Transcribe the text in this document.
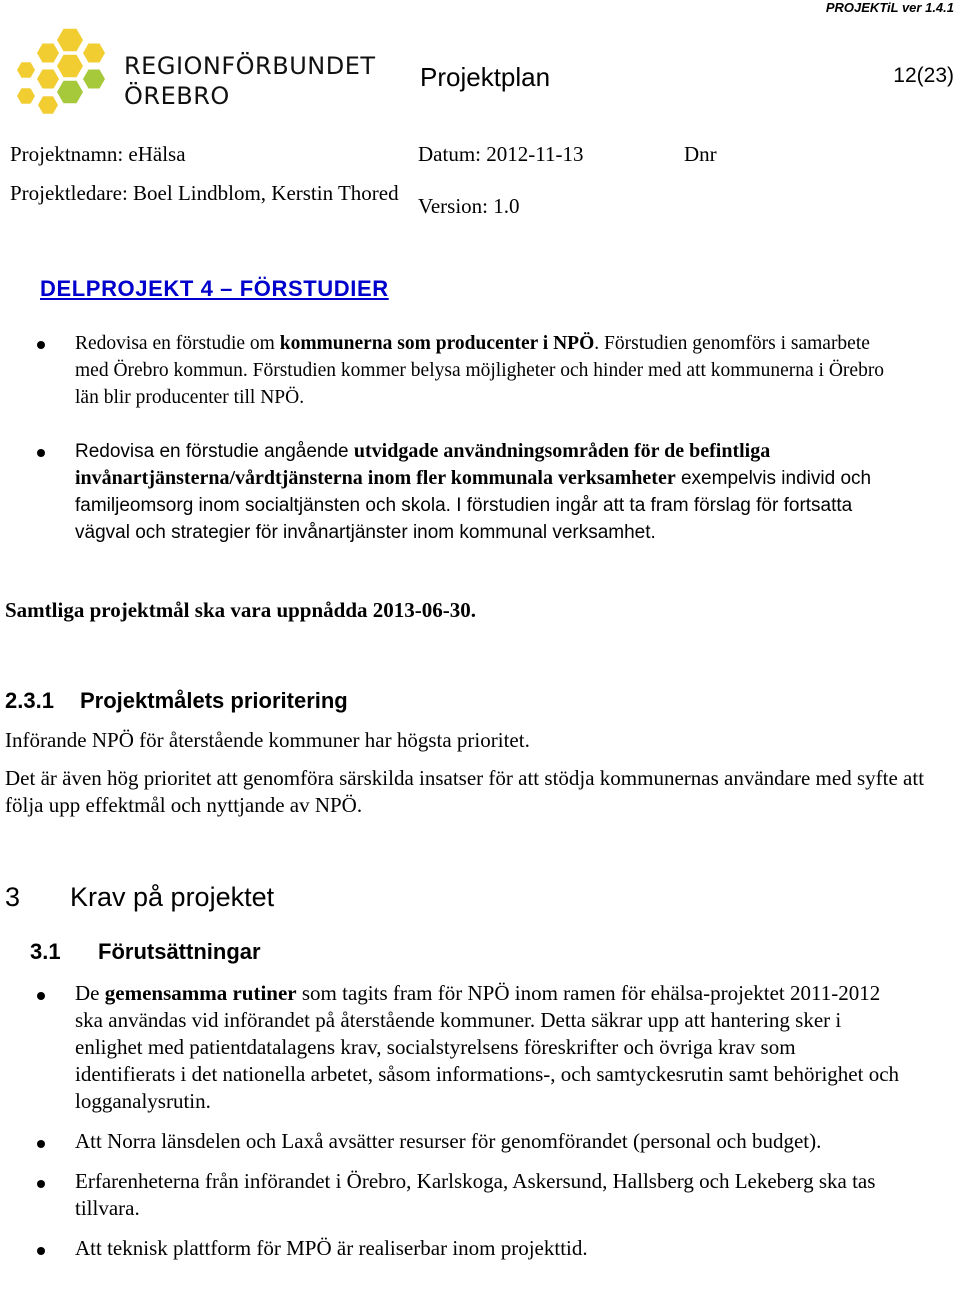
PROJEKTiL ver 1.4.1
REGIONFÖRBUNDET
ÖREBRO
Projektplan	12(23)
Projektnamn: eHälsa	Datum: 2012-11-13	Dnr
Projektledare: Boel Lindblom, Kerstin Thored
Version: 1.0
DELPROJEKT 4 – FÖRSTUDIER
Redovisa en förstudie om kommunerna som producenter i NPÖ. Förstudien genomförs i samarbete med Örebro kommun. Förstudien kommer belysa möjligheter och hinder med att kommunerna i Örebro län blir producenter till NPÖ.
Redovisa en förstudie angående utvidgade användningsområden för de befintliga invånartjänsterna/vårdtjänsterna inom fler kommunala verksamheter exempelvis individ och familjeomsorg inom socialtjänsten och skola. I förstudien ingår att ta fram förslag för fortsatta vägval och strategier för invånartjänster inom kommunal verksamhet.
Samtliga projektmål ska vara uppnådda 2013-06-30.
2.3.1 Projektmålets prioritering
Införande NPÖ för återstående kommuner har högsta prioritet.
Det är även hög prioritet att genomföra särskilda insatser för att stödja kommunernas användare med syfte att följa upp effektmål och nyttjande av NPÖ.
3 Krav på projektet
3.1 Förutsättningar
De gemensamma rutiner som tagits fram för NPÖ inom ramen för ehälsa-projektet 2011-2012 ska användas vid införandet på återstående kommuner. Detta säkrar upp att hantering sker i enlighet med patientdatalagens krav, socialstyrelsens föreskrifter och övriga krav som identifierats i det nationella arbetet, såsom informations-, och samtyckesrutin samt behörighet och logganalysrutin.
Att Norra länsdelen och Laxå avsätter resurser för genomförandet (personal och budget).
Erfarenheterna från införandet i Örebro, Karlskoga, Askersund, Hallsberg och Lekeberg ska tas tillvara.
Att teknisk plattform för MPÖ är realiserbar inom projekttid.
